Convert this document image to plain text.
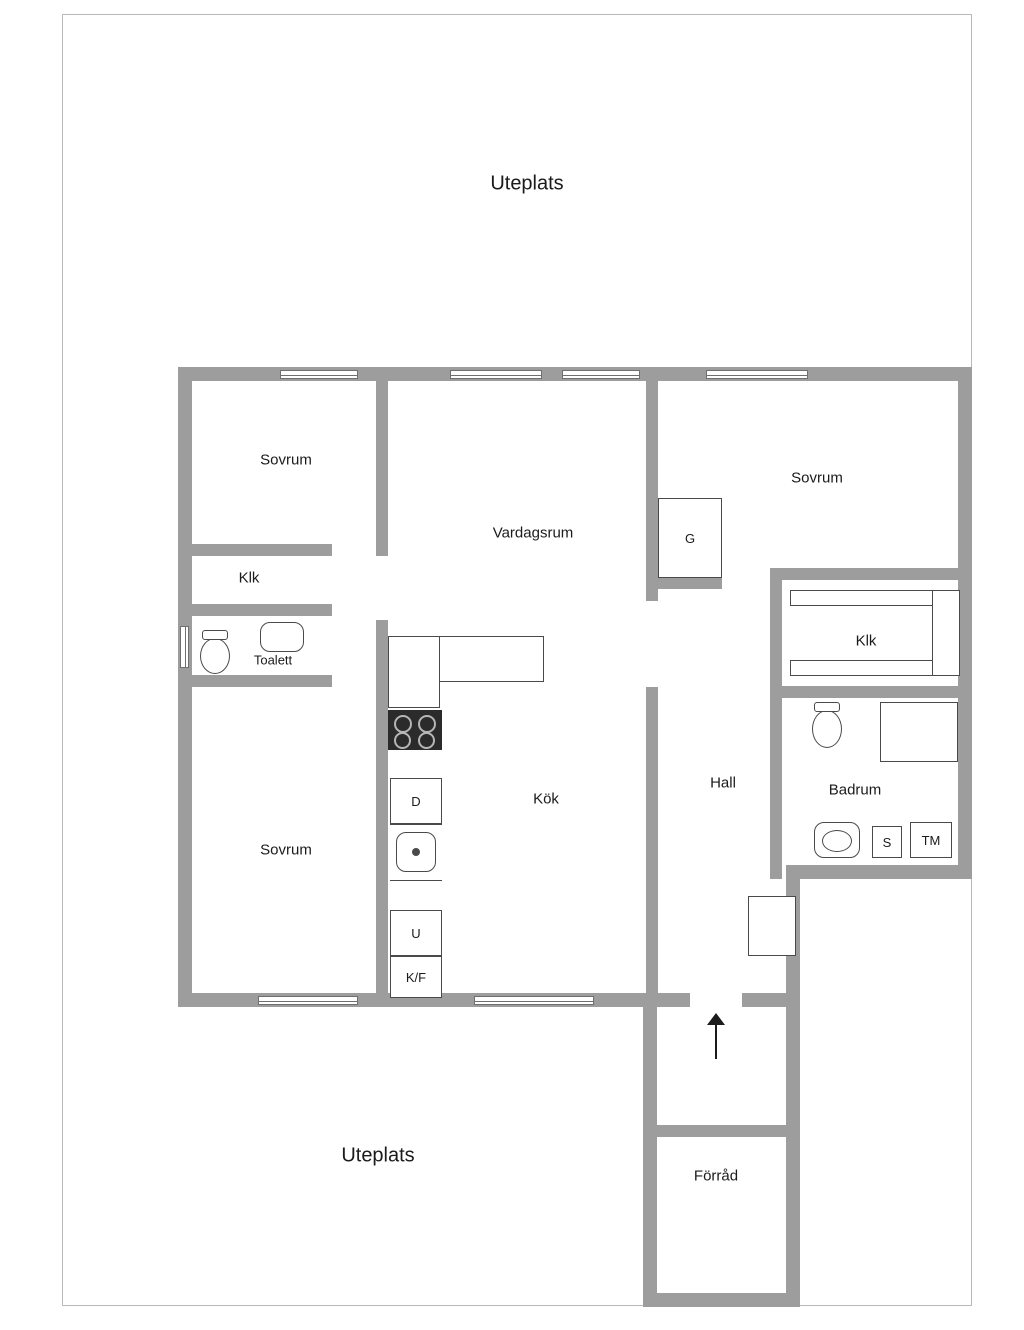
D
U
K/F
G
S TM
Uteplats
Uteplats
Sovrum
Vardagsrum
Sovrum
Klk
Toalett
Klk
Sovrum
Kök
Hall	Badrum
Förråd
